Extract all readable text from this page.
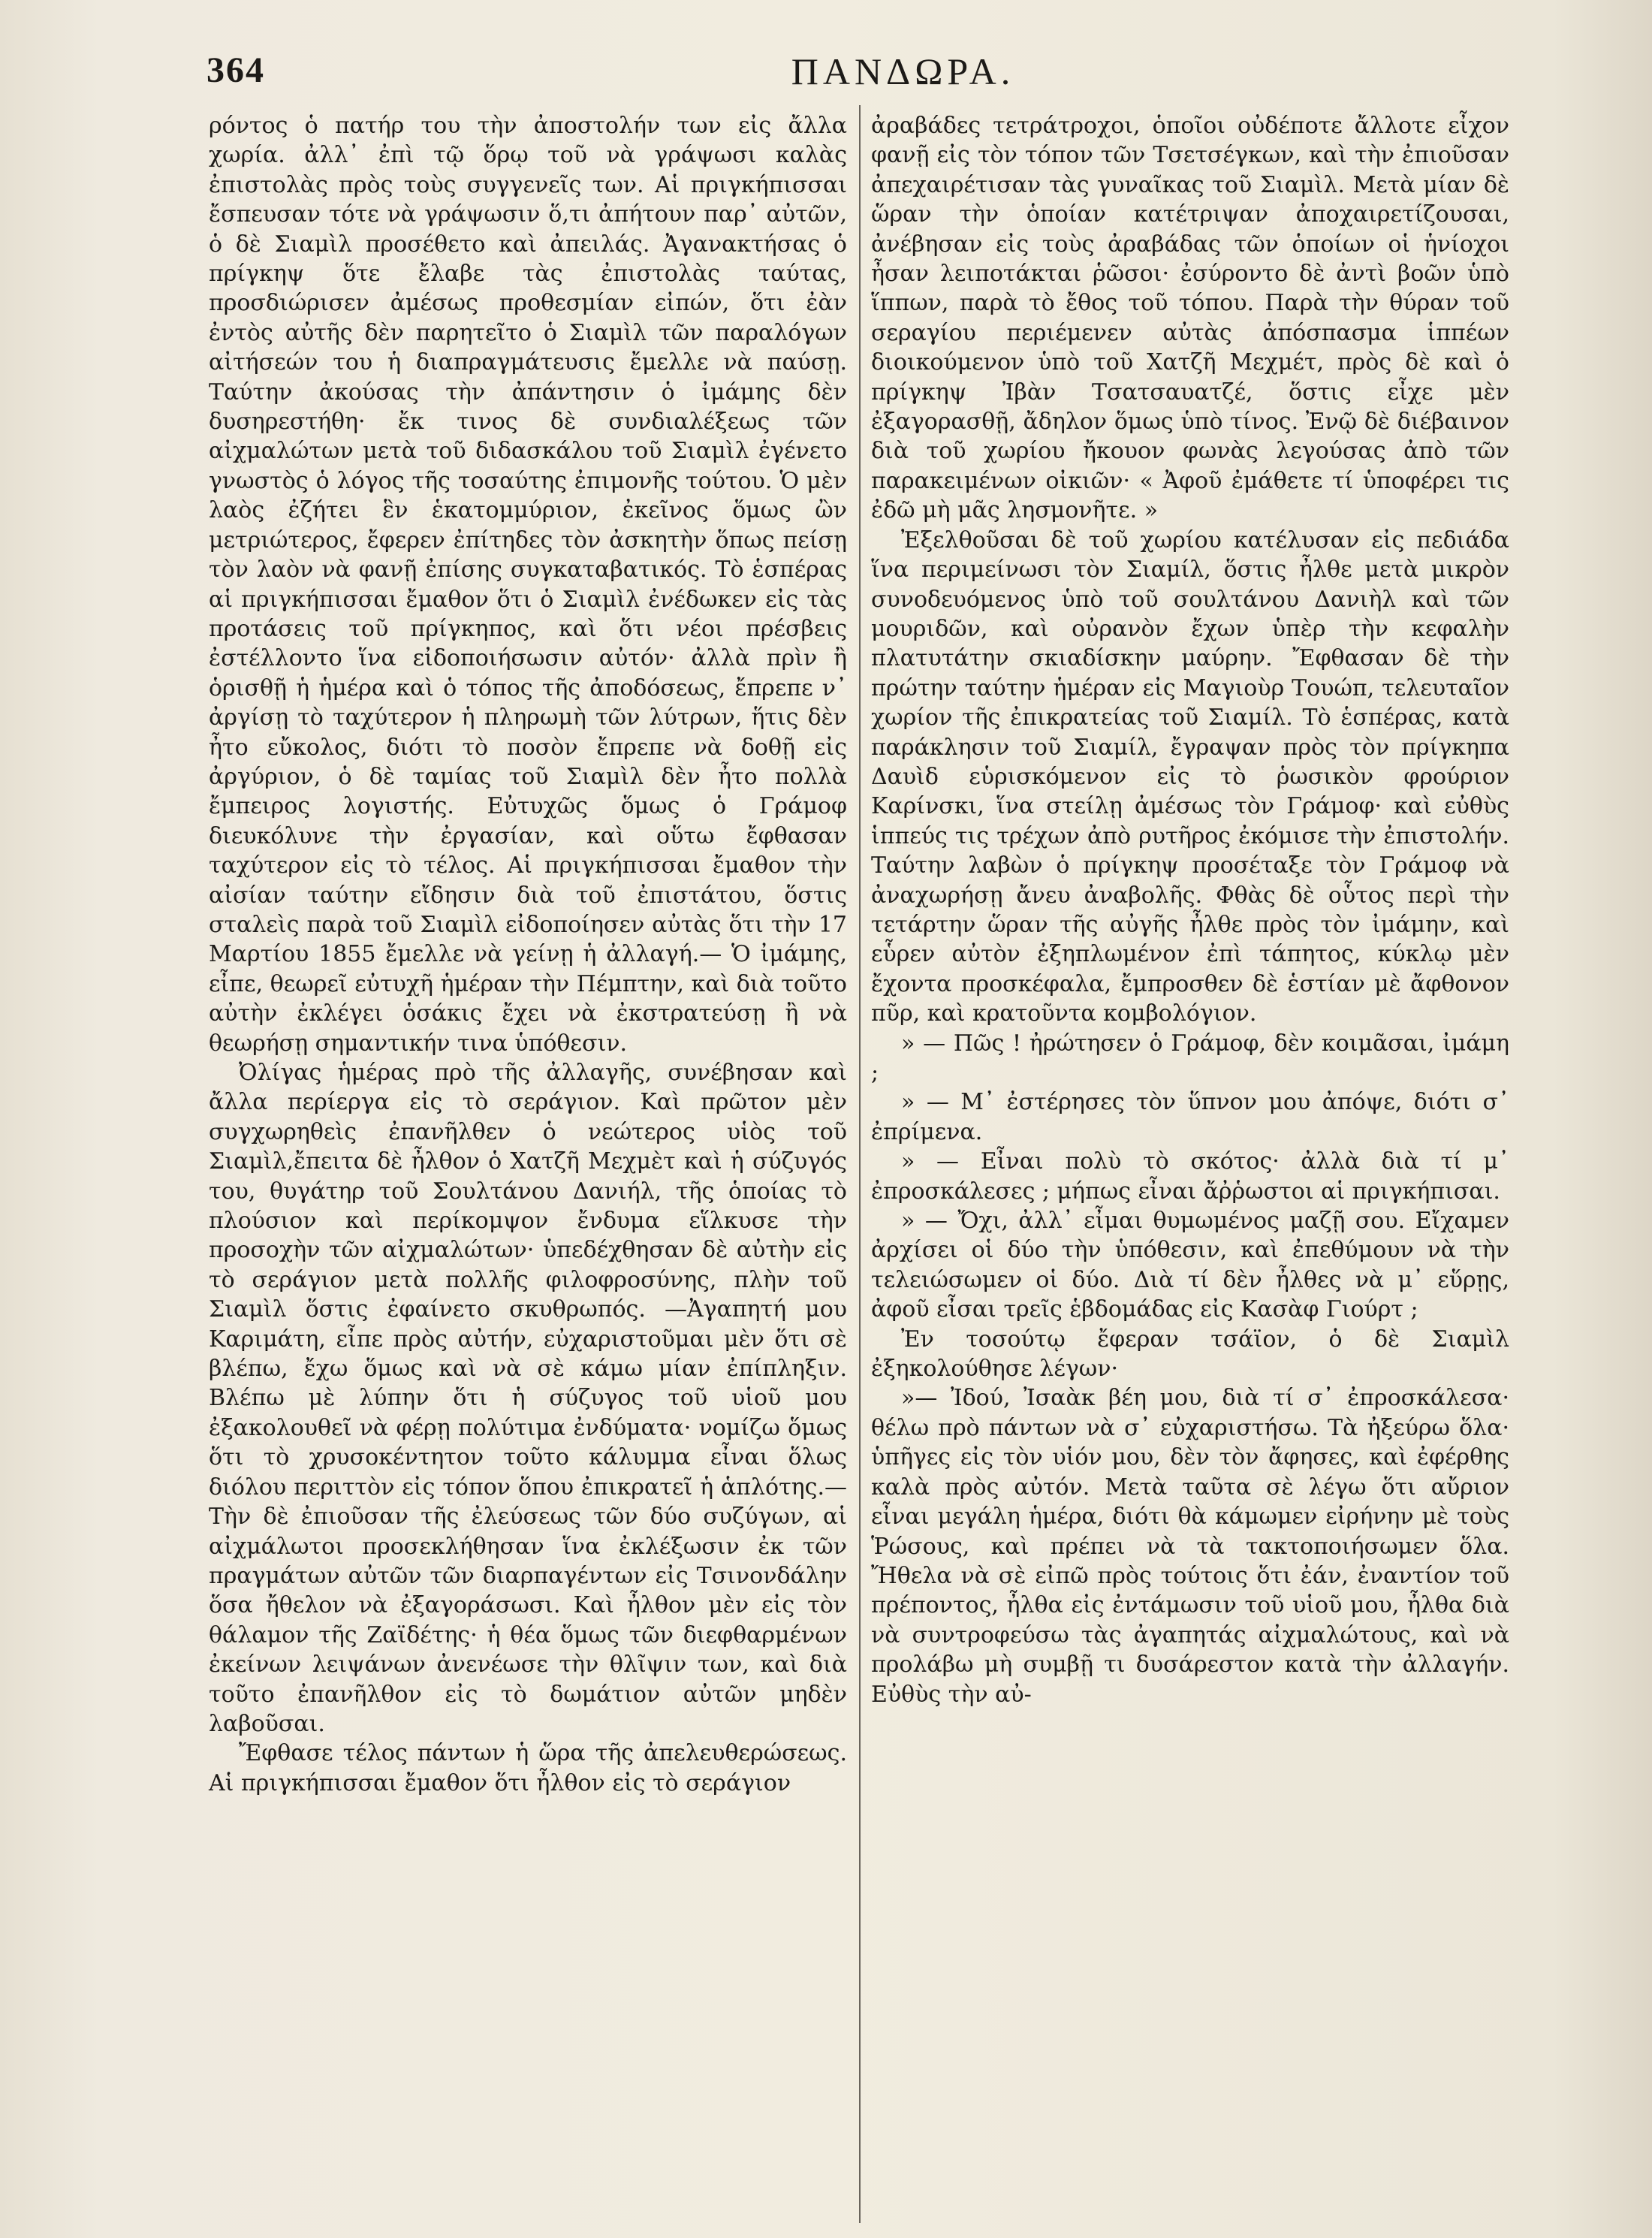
364	ΠΑΝΔΩΡΑ.

ρόντος ὁ πατήρ του τὴν ἀποστολήν των εἰς ἄλλα χωρία. ἀλλ᾽ ἐπὶ τῷ ὅρῳ τοῦ νὰ γράψωσι καλὰς ἐπιστολὰς πρὸς τοὺς συγγενεῖς των. Αἱ πριγκήπισσαι ἔσπευσαν τότε νὰ γράψωσιν ὅ,τι ἀπήτουν παρ᾽ αὐτῶν, ὁ δὲ Σιαμὶλ προσέθετο καὶ ἀπειλάς. Ἀγανακτήσας ὁ πρίγκηψ ὅτε ἔλαβε τὰς ἐπιστολὰς ταύτας, προσδιώρισεν ἀμέσως προθεσμίαν εἰπών, ὅτι ἐὰν ἐντὸς αὐτῆς δὲν παρητεῖτο ὁ Σιαμὶλ τῶν παραλόγων αἰτήσεών του ἡ διαπραγμάτευσις ἔμελλε νὰ παύσῃ. Ταύτην ἀκούσας τὴν ἀπάντησιν ὁ ἰμάμης δὲν δυσηρεστήθη· ἔκ τινος δὲ συνδιαλέξεως τῶν αἰχμαλώτων μετὰ τοῦ διδασκάλου τοῦ Σιαμὶλ ἐγένετο γνωστὸς ὁ λόγος τῆς τοσαύτης ἐπιμονῆς τούτου. Ὁ μὲν λαὸς ἐζήτει ἓν ἑκατομμύριον, ἐκεῖνος ὅμως ὢν μετριώτερος, ἔφερεν ἐπίτηδες τὸν ἀσκητὴν ὅπως πείσῃ τὸν λαὸν νὰ φανῇ ἐπίσης συγκαταβατικός. Τὸ ἑσπέρας αἱ πριγκήπισσαι ἔμαθον ὅτι ὁ Σιαμὶλ ἐνέδωκεν εἰς τὰς προτάσεις τοῦ πρίγκηπος, καὶ ὅτι νέοι πρέσβεις ἐστέλλοντο ἵνα εἰδοποιήσωσιν αὐτόν· ἀλλὰ πρὶν ἢ ὁρισθῇ ἡ ἡμέρα καὶ ὁ τόπος τῆς ἀποδόσεως, ἔπρεπε ν᾽ ἀργίσῃ τὸ ταχύτερον ἡ πληρωμὴ τῶν λύτρων, ἥτις δὲν ἦτο εὔκολος, διότι τὸ ποσὸν ἔπρεπε νὰ δοθῇ εἰς ἀργύριον, ὁ δὲ ταμίας τοῦ Σιαμὶλ δὲν ἦτο πολλὰ ἔμπειρος λογιστής. Εὐτυχῶς ὅμως ὁ Γράμοφ διευκόλυνε τὴν ἐργασίαν, καὶ οὕτω ἔφθασαν ταχύτερον εἰς τὸ τέλος. Αἱ πριγκήπισσαι ἔμαθον τὴν αἰσίαν ταύτην εἴδησιν διὰ τοῦ ἐπιστάτου, ὅστις σταλεὶς παρὰ τοῦ Σιαμὶλ εἰδοποίησεν αὐτὰς ὅτι τὴν 17 Μαρτίου 1855 ἔμελλε νὰ γείνῃ ἡ ἀλλαγή.— Ὁ ἰμάμης, εἶπε, θεωρεῖ εὐτυχῆ ἡμέραν τὴν Πέμπτην, καὶ διὰ τοῦτο αὐτὴν ἐκλέγει ὁσάκις ἔχει νὰ ἐκστρατεύσῃ ἢ νὰ θεωρήσῃ σημαντικήν τινα ὑπόθεσιν.

Ὀλίγας ἡμέρας πρὸ τῆς ἀλλαγῆς, συνέβησαν καὶ ἄλλα περίεργα εἰς τὸ σεράγιον. Καὶ πρῶτον μὲν συγχωρηθεὶς ἐπανῆλθεν ὁ νεώτερος υἱὸς τοῦ Σιαμὶλ,ἔπειτα δὲ ἦλθον ὁ Χατζῆ Μεχμὲτ καὶ ἡ σύζυγός του, θυγάτηρ τοῦ Σουλτάνου Δανιήλ, τῆς ὁποίας τὸ πλούσιον καὶ περίκομψον ἔνδυμα εἵλκυσε τὴν προσοχὴν τῶν αἰχμαλώτων· ὑπεδέχθησαν δὲ αὐτὴν εἰς τὸ σεράγιον μετὰ πολλῆς φιλοφροσύνης, πλὴν τοῦ Σιαμὶλ ὅστις ἐφαίνετο σκυθρωπός. —Ἀγαπητή μου Καριμάτη, εἶπε πρὸς αὐτήν, εὐχαριστοῦμαι μὲν ὅτι σὲ βλέπω, ἔχω ὅμως καὶ νὰ σὲ κάμω μίαν ἐπίπληξιν. Βλέπω μὲ λύπην ὅτι ἡ σύζυγος τοῦ υἱοῦ μου ἐξακολουθεῖ νὰ φέρῃ πολύτιμα ἐνδύματα· νομίζω ὅμως ὅτι τὸ χρυσοκέντητον τοῦτο κάλυμμα εἶναι ὅλως διόλου περιττὸν εἰς τόπον ὅπου ἐπικρατεῖ ἡ ἁπλότης.— Τὴν δὲ ἐπιοῦσαν τῆς ἐλεύσεως τῶν δύο συζύγων, αἱ αἰχμάλωτοι προσεκλήθησαν ἵνα ἐκλέξωσιν ἐκ τῶν πραγμάτων αὐτῶν τῶν διαρπαγέντων εἰς Τσινονδάλην ὅσα ἤθελον νὰ ἐξαγοράσωσι. Καὶ ἦλθον μὲν εἰς τὸν θάλαμον τῆς Ζαϊδέτης· ἡ θέα ὅμως τῶν διεφθαρμένων ἐκείνων λειψάνων ἀνενέωσε τὴν θλῖψιν των, καὶ διὰ τοῦτο ἐπανῆλθον εἰς τὸ δωμάτιον αὐτῶν μηδὲν λαβοῦσαι.

Ἔφθασε τέλος πάντων ἡ ὥρα τῆς ἀπελευθερώσεως. Αἱ πριγκήπισσαι ἔμαθον ὅτι ἦλθον εἰς τὸ σεράγιον

ἀραβάδες τετράτροχοι, ὁποῖοι οὐδέποτε ἄλλοτε εἶχον φανῇ εἰς τὸν τόπον τῶν Τσετσέγκων, καὶ τὴν ἐπιοῦσαν ἀπεχαιρέτισαν τὰς γυναῖκας τοῦ Σιαμὶλ. Μετὰ μίαν δὲ ὥραν τὴν ὁποίαν κατέτριψαν ἀποχαιρετίζουσαι, ἀνέβησαν εἰς τοὺς ἀραβάδας τῶν ὁποίων οἱ ἡνίοχοι ἦσαν λειποτάκται ῥῶσοι· ἐσύροντο δὲ ἀντὶ βοῶν ὑπὸ ἵππων, παρὰ τὸ ἔθος τοῦ τόπου. Παρὰ τὴν θύραν τοῦ σεραγίου περιέμενεν αὐτὰς ἀπόσπασμα ἱππέων διοικούμενον ὑπὸ τοῦ Χατζῆ Μεχμέτ, πρὸς δὲ καὶ ὁ πρίγκηψ Ἰβὰν Τσατσαυατζέ, ὅστις εἶχε μὲν ἐξαγορασθῇ, ἄδηλον ὅμως ὑπὸ τίνος. Ἐνῷ δὲ διέβαινον διὰ τοῦ χωρίου ἤκουον φωνὰς λεγούσας ἀπὸ τῶν παρακειμένων οἰκιῶν· « Ἀφοῦ ἐμάθετε τί ὑποφέρει τις ἐδῶ μὴ μᾶς λησμονῆτε. »

Ἐξελθοῦσαι δὲ τοῦ χωρίου κατέλυσαν εἰς πεδιάδα ἵνα περιμείνωσι τὸν Σιαμίλ, ὅστις ἦλθε μετὰ μικρὸν συνοδευόμενος ὑπὸ τοῦ σουλτάνου Δανιὴλ καὶ τῶν μουριδῶν, καὶ οὐρανὸν ἔχων ὑπὲρ τὴν κεφαλὴν πλατυτάτην σκιαδίσκην μαύρην. Ἔφθασαν δὲ τὴν πρώτην ταύτην ἡμέραν εἰς Μαγιοὺρ Τουώπ, τελευταῖον χωρίον τῆς ἐπικρατείας τοῦ Σιαμίλ. Τὸ ἑσπέρας, κατὰ παράκλησιν τοῦ Σιαμίλ, ἔγραψαν πρὸς τὸν πρίγκηπα Δαυὶδ εὑρισκόμενον εἰς τὸ ῥωσικὸν φρούριον Καρίνσκι, ἵνα στείλῃ ἀμέσως τὸν Γράμοφ· καὶ εὐθὺς ἱππεύς τις τρέχων ἀπὸ ρυτῆρος ἐκόμισε τὴν ἐπιστολήν. Ταύτην λαβὼν ὁ πρίγκηψ προσέταξε τὸν Γράμοφ νὰ ἀναχωρήσῃ ἄνευ ἀναβολῆς. Φθὰς δὲ οὗτος περὶ τὴν τετάρτην ὥραν τῆς αὐγῆς ἦλθε πρὸς τὸν ἰμάμην, καὶ εὗρεν αὐτὸν ἐξηπλωμένον ἐπὶ τάπητος, κύκλῳ μὲν ἔχοντα προσκέφαλα, ἔμπροσθεν δὲ ἑστίαν μὲ ἄφθονον πῦρ, καὶ κρατοῦντα κομβολόγιον.

» — Πῶς ! ἠρώτησεν ὁ Γράμοφ, δὲν κοιμᾶσαι, ἰμάμη ;

» — Μ᾽ ἐστέρησες τὸν ὕπνον μου ἀπόψε, διότι σ᾽ ἐπρίμενα.

» — Εἶναι πολὺ τὸ σκότος· ἀλλὰ διὰ τί μ᾽ ἐπροσκάλεσες ; μήπως εἶναι ἄῤῥωστοι αἱ πριγκήπισαι.

» — Ὄχι, ἀλλ᾽ εἶμαι θυμωμένος μαζῇ σου. Εἴχαμεν ἀρχίσει οἱ δύο τὴν ὑπόθεσιν, καὶ ἐπεθύμουν νὰ τὴν τελειώσωμεν οἱ δύο. Διὰ τί δὲν ἦλθες νὰ μ᾽ εὕρῃς, ἀφοῦ εἶσαι τρεῖς ἑβδομάδας εἰς Κασὰφ Γιούρτ ;

Ἐν τοσούτῳ ἔφεραν τσάϊον, ὁ δὲ Σιαμὶλ ἐξηκολούθησε λέγων·

»— Ἰδού, Ἰσαὰκ βέη μου, διὰ τί σ᾽ ἐπροσκάλεσα· θέλω πρὸ πάντων νὰ σ᾽ εὐχαριστήσω. Τὰ ἠξεύρω ὅλα· ὑπῆγες εἰς τὸν υἱόν μου, δὲν τὸν ἄφησες, καὶ ἐφέρθης καλὰ πρὸς αὐτόν. Μετὰ ταῦτα σὲ λέγω ὅτι αὔριον εἶναι μεγάλη ἡμέρα, διότι θὰ κάμωμεν εἰρήνην μὲ τοὺς Ῥώσους, καὶ πρέπει νὰ τὰ τακτοποιήσωμεν ὅλα. Ἤθελα νὰ σὲ εἰπῶ πρὸς τούτοις ὅτι ἐάν, ἐναντίον τοῦ πρέποντος, ἦλθα εἰς ἐντάμωσιν τοῦ υἱοῦ μου, ἦλθα διὰ νὰ συντροφεύσω τὰς ἀγαπητάς αἰχμαλώτους, καὶ νὰ προλάβω μὴ συμβῇ τι δυσάρεστον κατὰ τὴν ἀλλαγήν. Εὐθὺς τὴν αὐ-
